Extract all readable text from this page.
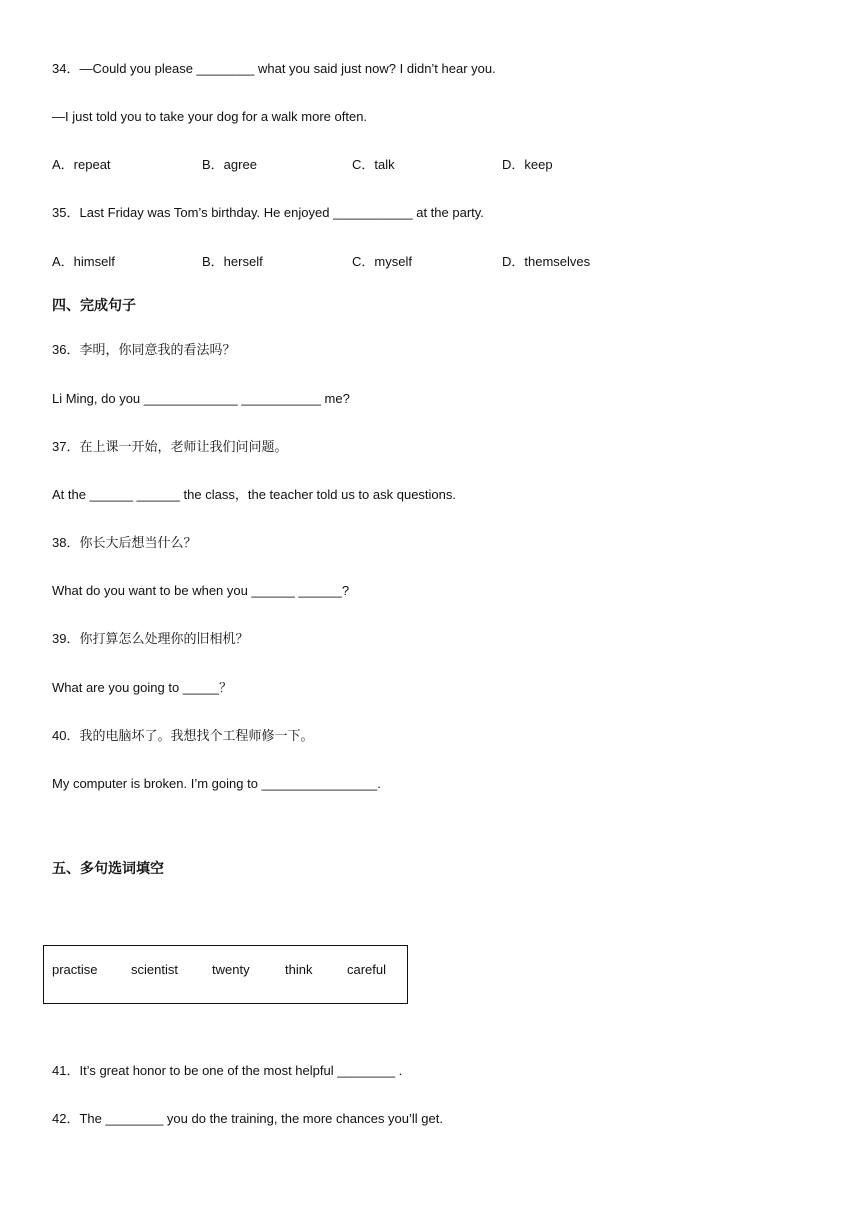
34．—Could you please ________ what you said just now? I didn’t hear you.
—I just told you to take your dog for a walk more often.
A．repeat	B．agree	C．talk	D．keep
35．Last Friday was Tom’s birthday. He enjoyed ___________ at the party.
A．himself	B．herself	C．myself	D．themselves
四、完成句子
36．李明，你同意我的看法吗？
Li Ming, do you _____________ ___________ me?
37．在上课一开始，老师让我们问问题。
At the ______ ______ the class，the teacher told us to ask questions.
38．你长大后想当什么？
What do you want to be when you ______ ______?
39．你打算怎么处理你的旧相机？
What are you going to _____？
40．我的电脑坏了。我想找个工程师修一下。
My computer is broken. I’m going to ________________.
五、多句选词填空
practise	scientist	twenty	think	careful
41．It’s great honor to be one of the most helpful ________ .
42．The ________ you do the training, the more chances you’ll get.
